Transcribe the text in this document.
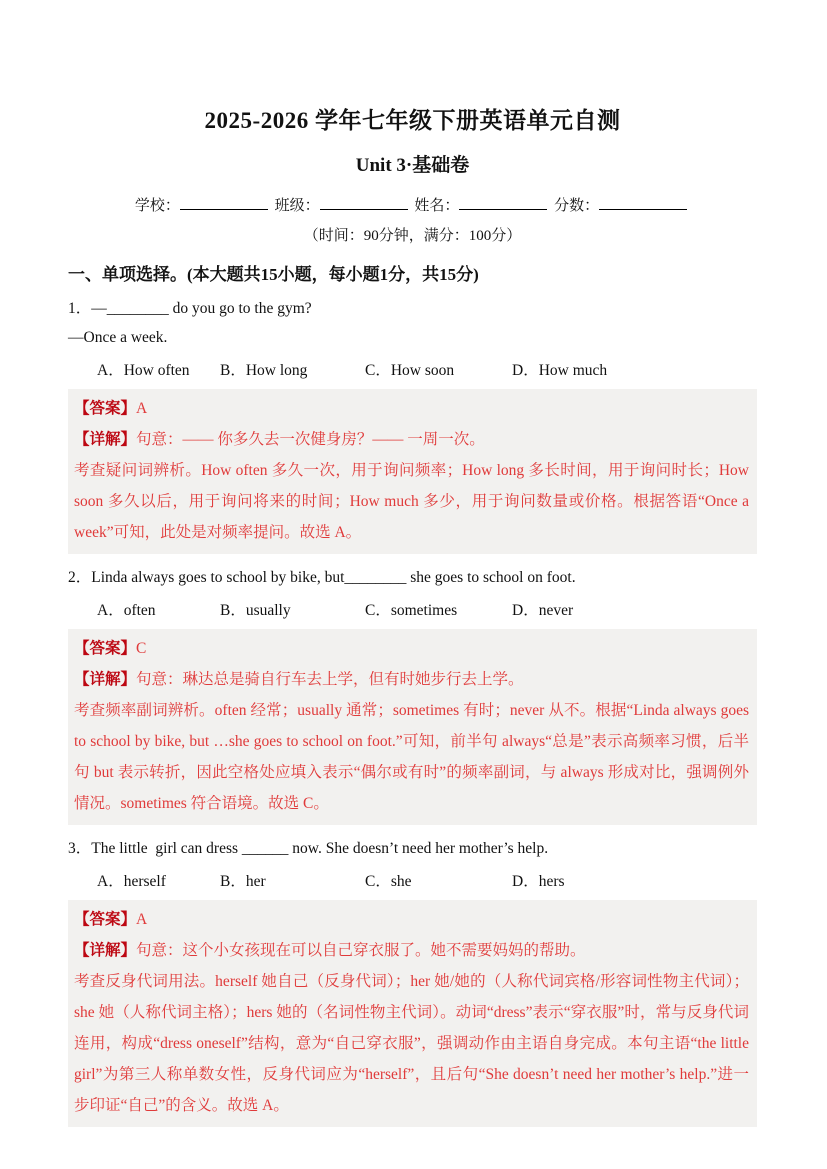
2025-2026 学年七年级下册英语单元自测
Unit 3·基础卷
学校：	班级：	姓名：	分数：
（时间：90分钟，满分：100分）
一、单项选择。(本大题共15小题，每小题1分，共15分)

1．—________ do you go to the gym?

—Once a week.

A．How often	B．How long	C．How soon	D．How much
【答案】A
【详解】句意：—— 你多久去一次健身房？—— 一周一次。
考查疑问词辨析。How often 多久一次，用于询问频率；How long 多长时间，用于询问时长；How soon 多久以后，用于询问将来的时间；How much 多少，用于询问数量或价格。根据答语“Once a week”可知，此处是对频率提问。故选 A。

2．Linda always goes to school by bike, but________ she goes to school on foot.

A．often	B．usually	C．sometimes	D．never
【答案】C
【详解】句意：琳达总是骑自行车去上学，但有时她步行去上学。
考查频率副词辨析。often 经常；usually 通常；sometimes 有时；never 从不。根据“Linda always goes to school by bike, but …she goes to school on foot.”可知，前半句 always“总是”表示高频率习惯，后半句 but 表示转折，因此空格处应填入表示“偶尔或有时”的频率副词，与 always 形成对比，强调例外情况。sometimes 符合语境。故选 C。

3．The little  girl can dress ______ now. She doesn’t need her mother’s help.

A．herself	B．her	C．she	D．hers
【答案】A
【详解】句意：这个小女孩现在可以自己穿衣服了。她不需要妈妈的帮助。
考查反身代词用法。herself 她自己（反身代词）；her 她/她的（人称代词宾格/形容词性物主代词）；she 她（人称代词主格）；hers 她的（名词性物主代词）。动词“dress”表示“穿衣服”时，常与反身代词连用，构成“dress oneself”结构，意为“自己穿衣服”，强调动作由主语自身完成。本句主语“the little  girl”为第三人称单数女性，反身代词应为“herself”，且后句“She doesn’t need her mother’s help.”进一步印证“自己”的含义。故选 A。
